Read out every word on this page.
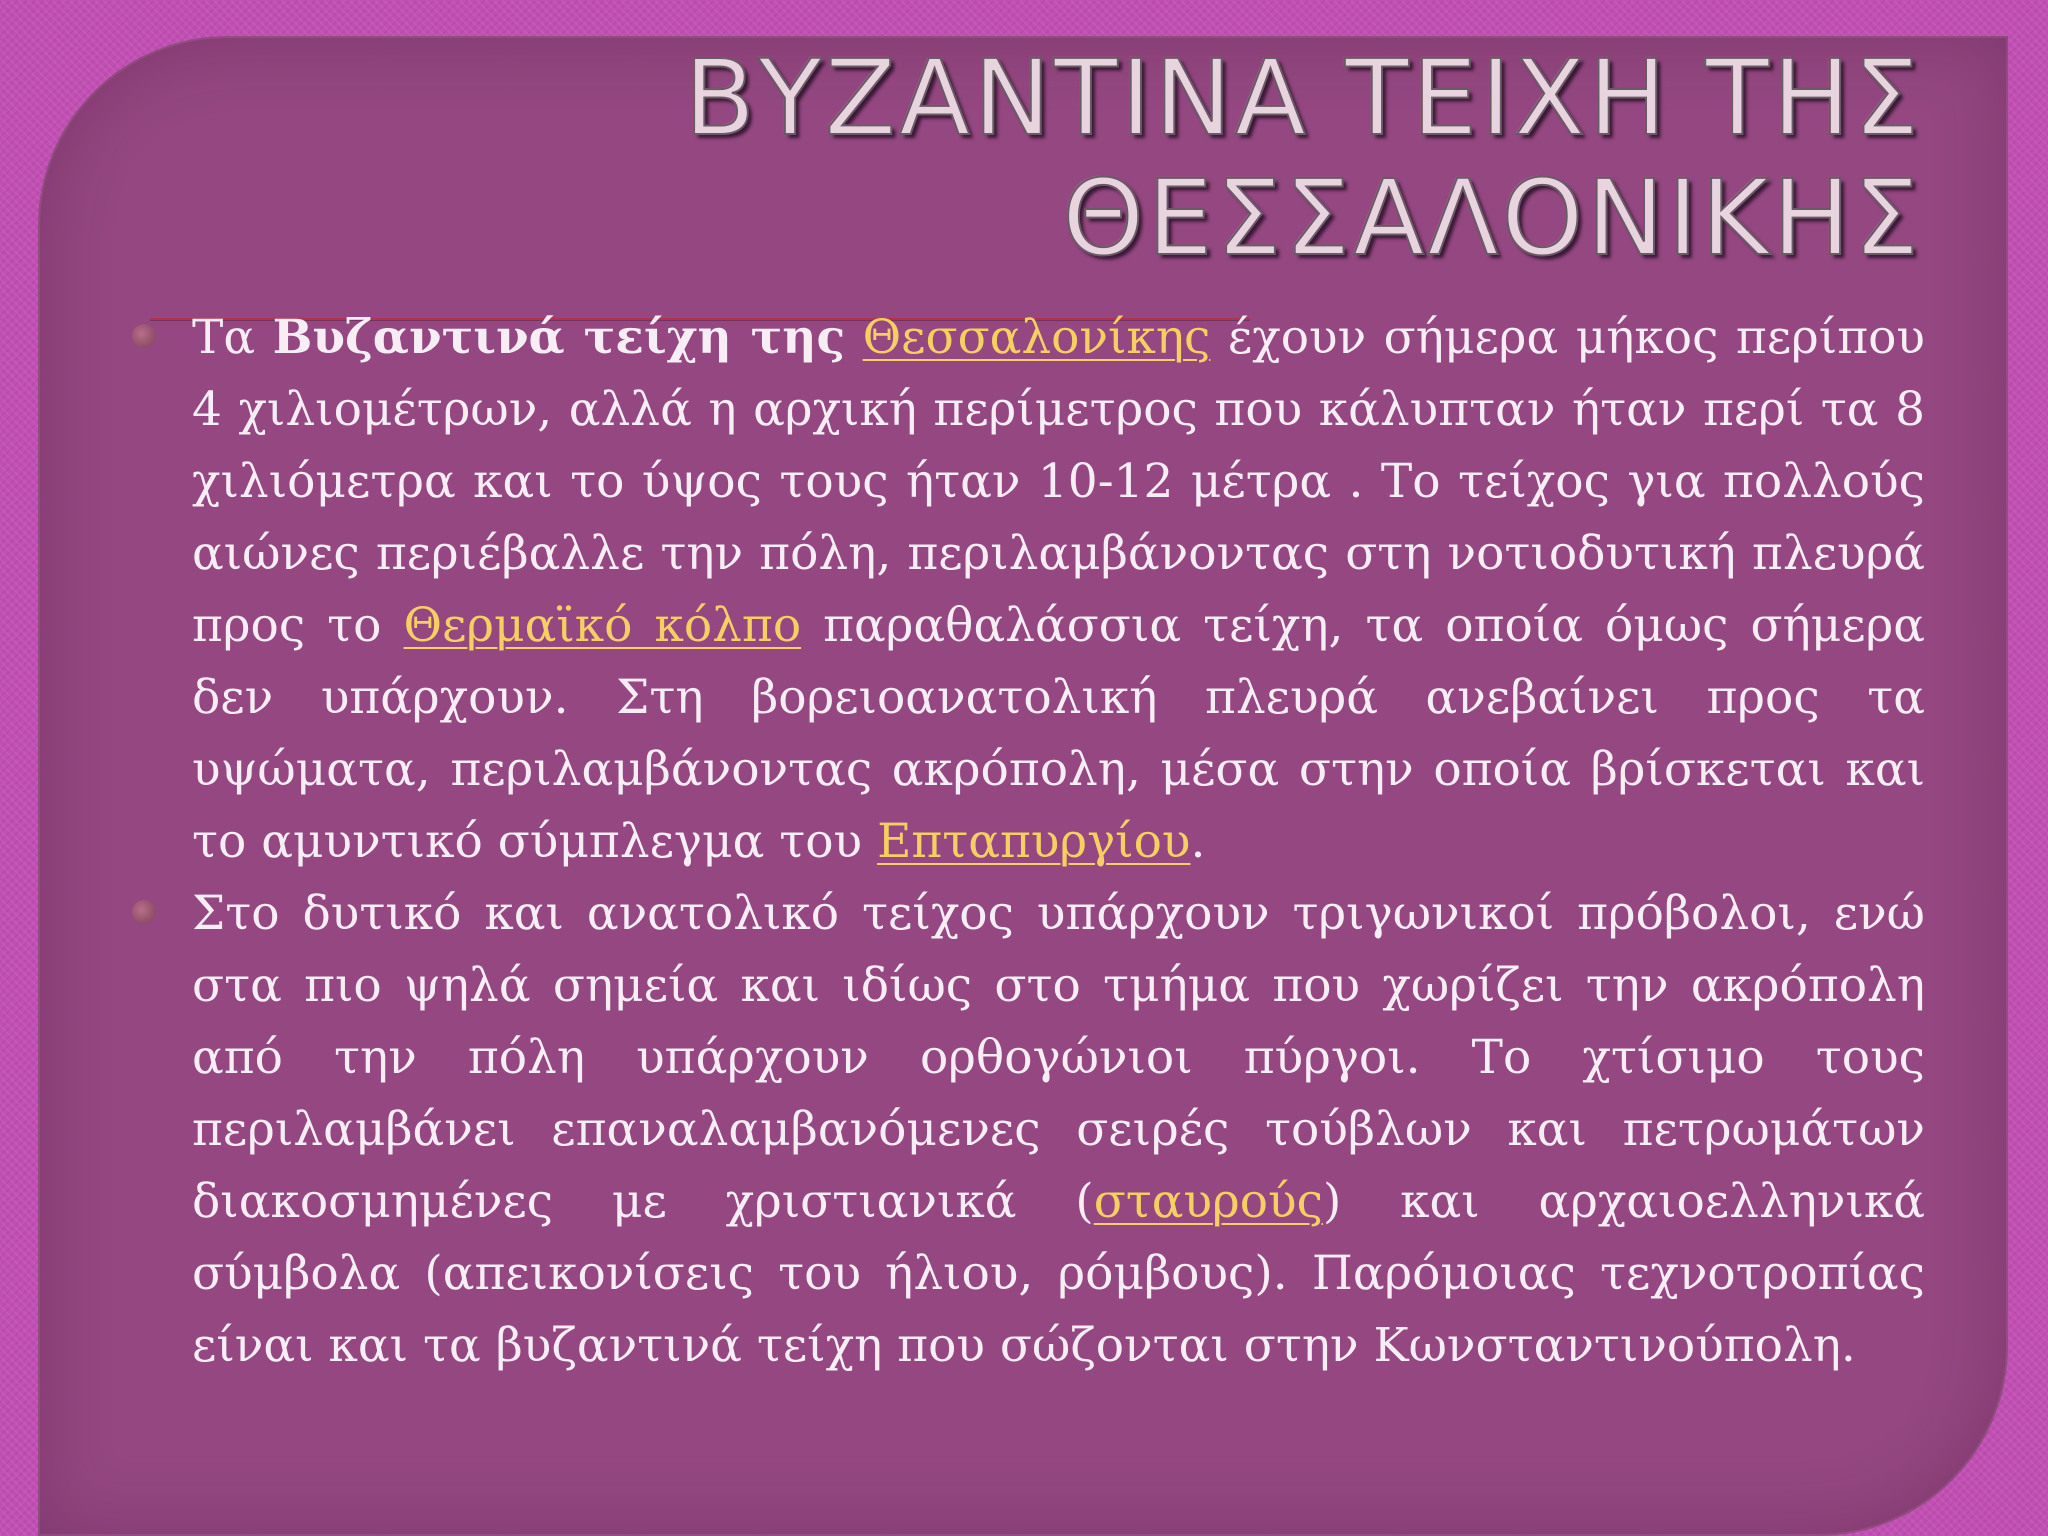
ΒΥΖΑΝΤΙΝΑ ΤΕΙΧΗ ΤΗΣ
ΘΕΣΣΑΛΟΝΙΚΗΣ
Τα Βυζαντινά τείχη της Θεσσαλονίκης έχουν σήμερα μήκος περίπου 4 χιλιομέτρων, αλλά η αρχική περίμετρος που κάλυπταν ήταν περί τα 8 χιλιόμετρα και το ύψος τους ήταν 10-12 μέτρα . Το τείχος για πολλούς αιώνες περιέβαλλε την πόλη, περιλαμβάνοντας στη νοτιοδυτική πλευρά προς το Θερμαϊκό κόλπο παραθαλάσσια τείχη, τα οποία όμως σήμερα δεν υπάρχουν. Στη βορειοανατολική πλευρά ανεβαίνει προς τα υψώματα, περιλαμβάνοντας ακρόπολη, μέσα στην οποία βρίσκεται και το αμυντικό σύμπλεγμα του Επταπυργίου.
Στο δυτικό και ανατολικό τείχος υπάρχουν τριγωνικοί πρόβολοι, ενώ στα πιο ψηλά σημεία και ιδίως στο τμήμα που χωρίζει την ακρόπολη από την πόλη υπάρχουν ορθογώνιοι πύργοι. Το χτίσιμο τους περιλαμβάνει επαναλαμβανόμενες σειρές τούβλων και πετρωμάτων διακοσμημένες με χριστιανικά (σταυρούς) και αρχαιοελληνικά σύμβολα (απεικονίσεις του ήλιου, ρόμβους). Παρόμοιας τεχνοτροπίας είναι και τα βυζαντινά τείχη που σώζονται στην Κωνσταντινούπολη.
